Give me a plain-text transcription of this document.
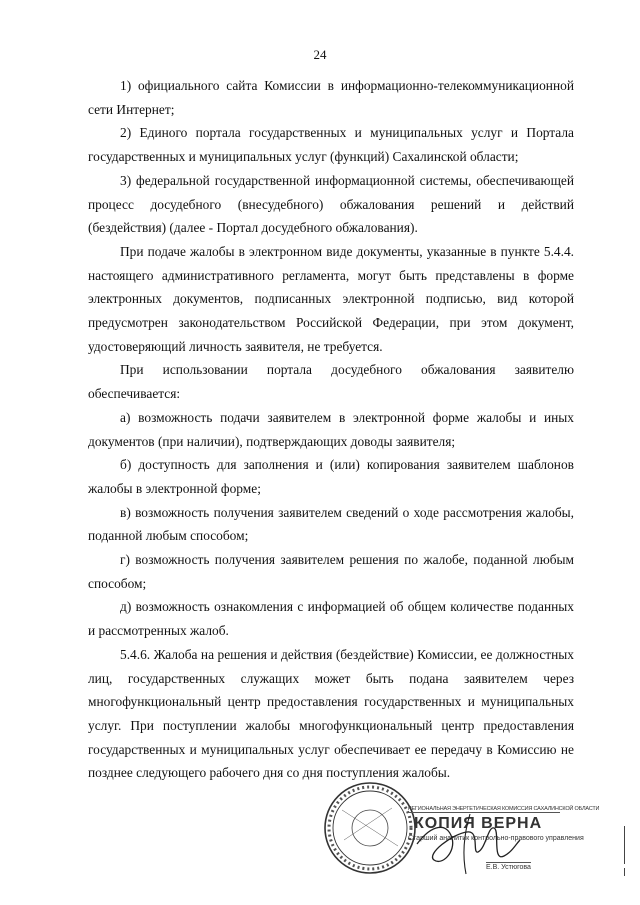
24

1) официального сайта Комиссии в информационно-телекоммуникационной сети Интернет;

2) Единого портала государственных и муниципальных услуг и Портала государственных и муниципальных услуг (функций) Сахалинской области;

3) федеральной государственной информационной системы, обеспечивающей процесс досудебного (внесудебного) обжалования решений и действий (бездействия) (далее - Портал досудебного обжалования).

При подаче жалобы в электронном виде документы, указанные в пункте 5.4.4. настоящего административного регламента, могут быть представлены в форме электронных документов, подписанных электронной подписью, вид которой предусмотрен законодательством Российской Федерации, при этом документ, удостоверяющий личность заявителя, не требуется.

При использовании портала досудебного обжалования заявителю обеспечивается:

а) возможность подачи заявителем в электронной форме жалобы и иных документов (при наличии), подтверждающих доводы заявителя;

б) доступность для заполнения и (или) копирования заявителем шаблонов жалобы в электронной форме;

в) возможность получения заявителем сведений о ходе рассмотрения жалобы, поданной любым способом;

г) возможность получения заявителем решения по жалобе, поданной любым способом;

д) возможность ознакомления с информацией об общем количестве поданных и рассмотренных жалоб.

5.4.6. Жалоба на решения и действия (бездействие) Комиссии, ее должностных лиц, государственных служащих может быть подана заявителем через многофункциональный центр предоставления государственных и муниципальных услуг. При поступлении жалобы многофункциональный центр предоставления государственных и муниципальных услуг обеспечивает ее передачу в Комиссию не позднее следующего рабочего дня со дня поступления жалобы.

РЕГИОНАЛЬНАЯ ЭНЕРГЕТИЧЕСКАЯ КОМИССИЯ САХАЛИНСКОЙ ОБЛАСТИ
КОПИЯ ВЕРНА
Старший аналитик контрольно-правового управления
Е.В. Устюгова
